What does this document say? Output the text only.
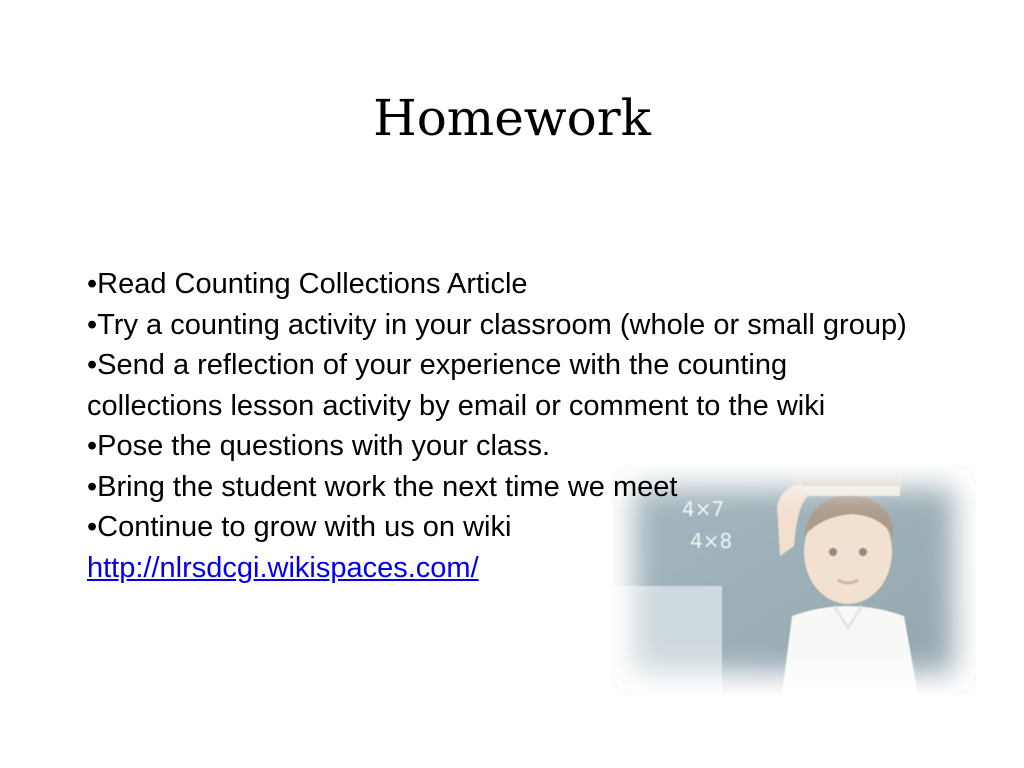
4×7
4×8
Homework

•Read Counting Collections Article

•Try a counting activity in your classroom (whole or small group)

•Send a reflection of your experience with the counting collections lesson activity by email or comment to the wiki

•Pose the questions with your class.

•Bring the student work the next time we meet

•Continue to grow with us on wiki

http://nlrsdcgi.wikispaces.com/
